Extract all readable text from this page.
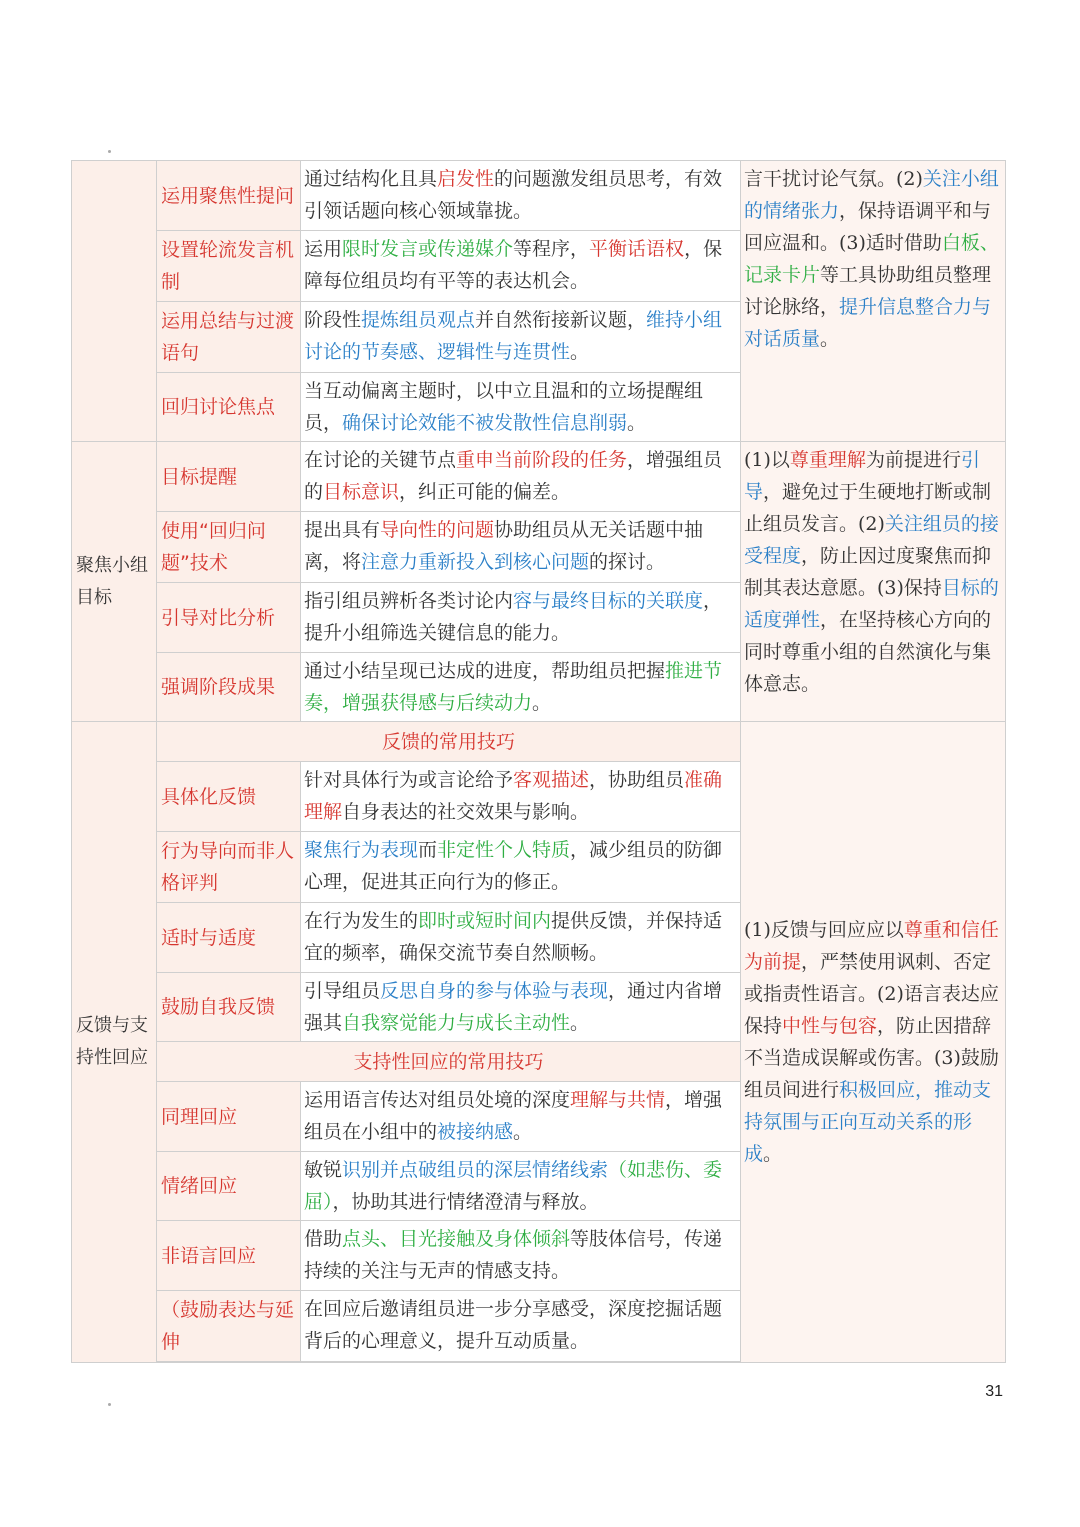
	运用聚焦性提问	通过结构化且具启发性的问题激发组员思考，有效引领话题向核心领域靠拢。	言干扰讨论气氛。(2)关注小组的情绪张力，保持语调平和与回应温和。(3)适时借助白板、记录卡片等工具协助组员整理讨论脉络，提升信息整合力与对话质量。
	设置轮流发言机制	运用限时发言或传递媒介等程序，平衡话语权，保障每位组员均有平等的表达机会。	
	运用总结与过渡语句	阶段性提炼组员观点并自然衔接新议题，维持小组讨论的节奏感、逻辑性与连贯性。	
	回归讨论焦点	当互动偏离主题时，以中立且温和的立场提醒组员，确保讨论效能不被发散性信息削弱。	
聚焦小组目标	目标提醒	在讨论的关键节点重申当前阶段的任务，增强组员的目标意识，纠正可能的偏差。	(1)以尊重理解为前提进行引导，避免过于生硬地打断或制止组员发言。(2)关注组员的接受程度，防止因过度聚焦而抑制其表达意愿。(3)保持目标的适度弹性，在坚持核心方向的同时尊重小组的自然演化与集体意志。
	使用“回归问题”技术	提出具有导向性的问题协助组员从无关话题中抽离，将注意力重新投入到核心问题的探讨。	
	引导对比分析	指引组员辨析各类讨论内容与最终目标的关联度，提升小组筛选关键信息的能力。	
	强调阶段成果	通过小结呈现已达成的进度，帮助组员把握推进节奏，增强获得感与后续动力。	
反馈与支持性回应	反馈的常用技巧		(1)反馈与回应应以尊重和信任为前提，严禁使用讽刺、否定或指责性语言。(2)语言表达应保持中性与包容，防止因措辞不当造成误解或伤害。(3)鼓励组员间进行积极回应，推动支持氛围与正向互动关系的形成。
	具体化反馈	针对具体行为或言论给予客观描述，协助组员准确理解自身表达的社交效果与影响。	
	行为导向而非人格评判	聚焦行为表现而非定性个人特质，减少组员的防御心理，促进其正向行为的修正。	
	适时与适度	在行为发生的即时或短时间内提供反馈，并保持适宜的频率，确保交流节奏自然顺畅。	
	鼓励自我反馈	引导组员反思自身的参与体验与表现，通过内省增强其自我察觉能力与成长主动性。	
	支持性回应的常用技巧		
	同理回应	运用语言传达对组员处境的深度理解与共情，增强组员在小组中的被接纳感。	
	情绪回应	敏锐识别并点破组员的深层情绪线索（如悲伤、委屈），协助其进行情绪澄清与释放。	
	非语言回应	借助点头、目光接触及身体倾斜等肢体信号，传递持续的关注与无声的情感支持。	
	（鼓励表达与延伸	在回应后邀请组员进一步分享感受，深度挖掘话题背后的心理意义，提升互动质量。	

31
